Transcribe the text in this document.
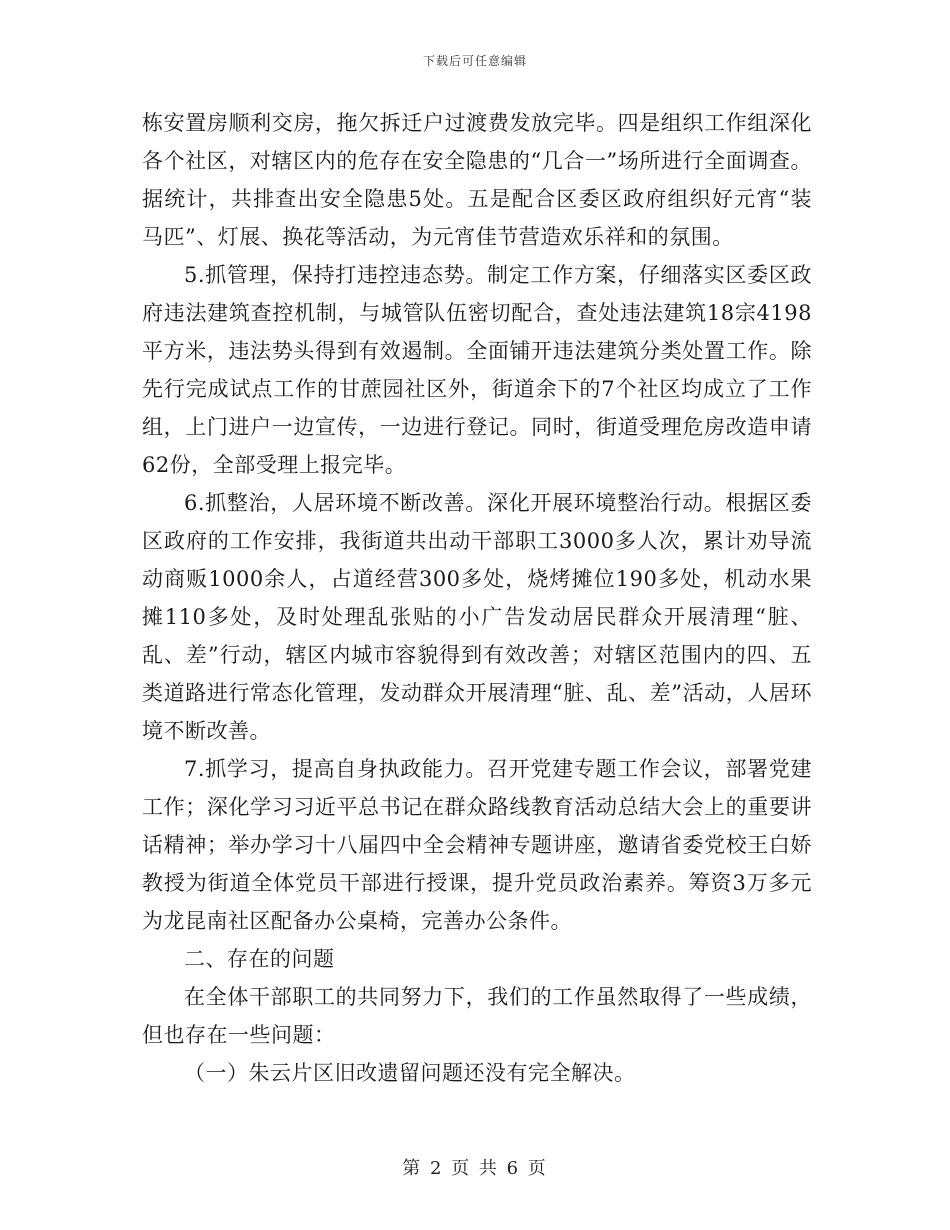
下载后可任意编辑

栋安置房顺利交房，拖欠拆迁户过渡费发放完毕。四是组织工作组深化各个社区，对辖区内的危存在安全隐患的“几合一”场所进行全面调查。据统计，共排查出安全隐患5处。五是配合区委区政府组织好元宵“装马匹”、灯展、换花等活动，为元宵佳节营造欢乐祥和的氛围。

5.抓管理，保持打违控违态势。制定工作方案，仔细落实区委区政府违法建筑查控机制，与城管队伍密切配合，查处违法建筑18宗4198平方米，违法势头得到有效遏制。全面铺开违法建筑分类处置工作。除先行完成试点工作的甘蔗园社区外，街道余下的7个社区均成立了工作组，上门进户一边宣传，一边进行登记。同时，街道受理危房改造申请62份，全部受理上报完毕。

6.抓整治，人居环境不断改善。深化开展环境整治行动。根据区委区政府的工作安排，我街道共出动干部职工3000多人次，累计劝导流动商贩1000余人，占道经营300多处，烧烤摊位190多处，机动水果摊110多处，及时处理乱张贴的小广告发动居民群众开展清理“脏、乱、差”行动，辖区内城市容貌得到有效改善；对辖区范围内的四、五类道路进行常态化管理，发动群众开展清理“脏、乱、差”活动，人居环境不断改善。

7.抓学习，提高自身执政能力。召开党建专题工作会议，部署党建工作；深化学习习近平总书记在群众路线教育活动总结大会上的重要讲话精神；举办学习十八届四中全会精神专题讲座，邀请省委党校王白娇教授为街道全体党员干部进行授课，提升党员政治素养。筹资3万多元为龙昆南社区配备办公桌椅，完善办公条件。

二、存在的问题

在全体干部职工的共同努力下，我们的工作虽然取得了一些成绩，但也存在一些问题：

（一）朱云片区旧改遗留问题还没有完全解决。

第 2 页 共 6 页
